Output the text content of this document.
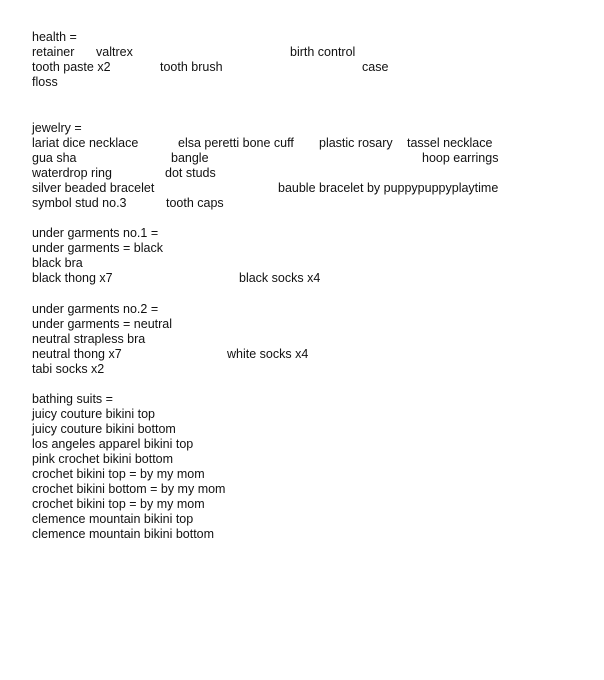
health =
retainer valtrex	birth control
tooth paste x2	tooth brush	case
floss
jewelry =
lariat dice necklace	elsa peretti bone cuff plastic rosary tassel necklace
gua sha	bangle	hoop earrings
waterdrop ring	dot studs
silver beaded bracelet	bauble bracelet by puppypuppyplaytime
symbol stud no.3	tooth caps
under garments no.1 =
under garments = black
black bra
black thong x7	black socks x4
under garments no.2 =
under garments = neutral
neutral strapless bra
neutral thong x7	white socks x4
tabi socks x2
bathing suits =
juicy couture bikini top
juicy couture bikini bottom
los angeles apparel bikini top
pink crochet bikini bottom
crochet bikini top = by my mom
crochet bikini bottom = by my mom
crochet bikini top = by my mom
clemence mountain bikini top
clemence mountain bikini bottom
